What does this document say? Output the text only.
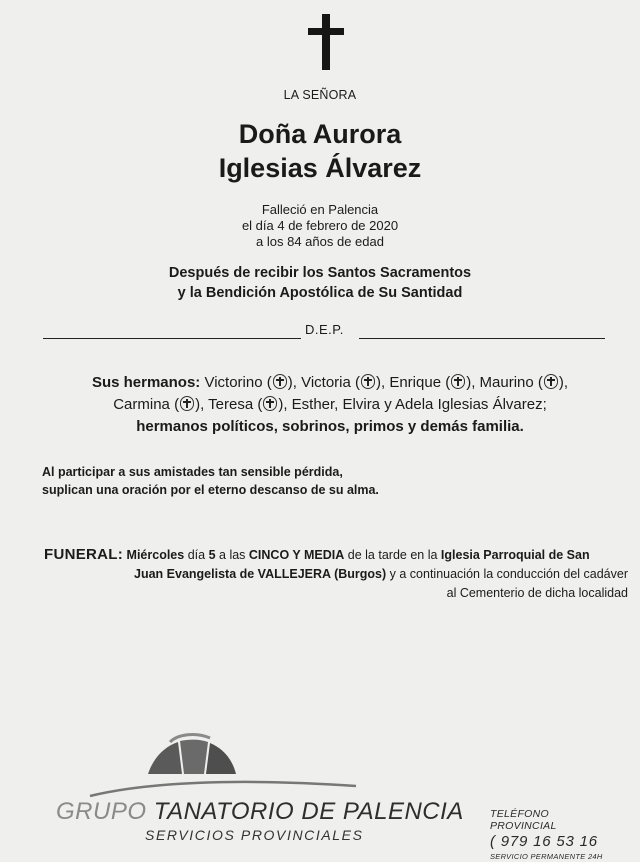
LA SEÑORA
Doña Aurora
Iglesias Álvarez
Falleció en Palencia
el día 4 de febrero de 2020
a los 84 años de edad
Después de recibir los Santos Sacramentos
y la Bendición Apostólica de Su Santidad
D.E.P.
Sus hermanos: Victorino ( ), Victoria ( ), Enrique ( ), Maurino ( ),
Carmina ( ), Teresa ( ), Esther, Elvira y Adela Iglesias Álvarez;
hermanos políticos, sobrinos, primos y demás familia.
Al participar a sus amistades tan sensible pérdida,
suplican una oración por el eterno descanso de su alma.
FUNERAL: Miércoles día 5 a las CINCO Y MEDIA de la tarde en la Iglesia Parroquial de San
Juan Evangelista de VALLEJERA (Burgos) y a continuación la conducción del cadáver
al Cementerio de dicha localidad
GRUPO TANATORIO DE PALENCIA
SERVICIOS PROVINCIALES
TELÉFONO PROVINCIAL
( 979 16 53 16
SERVICIO PERMANENTE 24H
